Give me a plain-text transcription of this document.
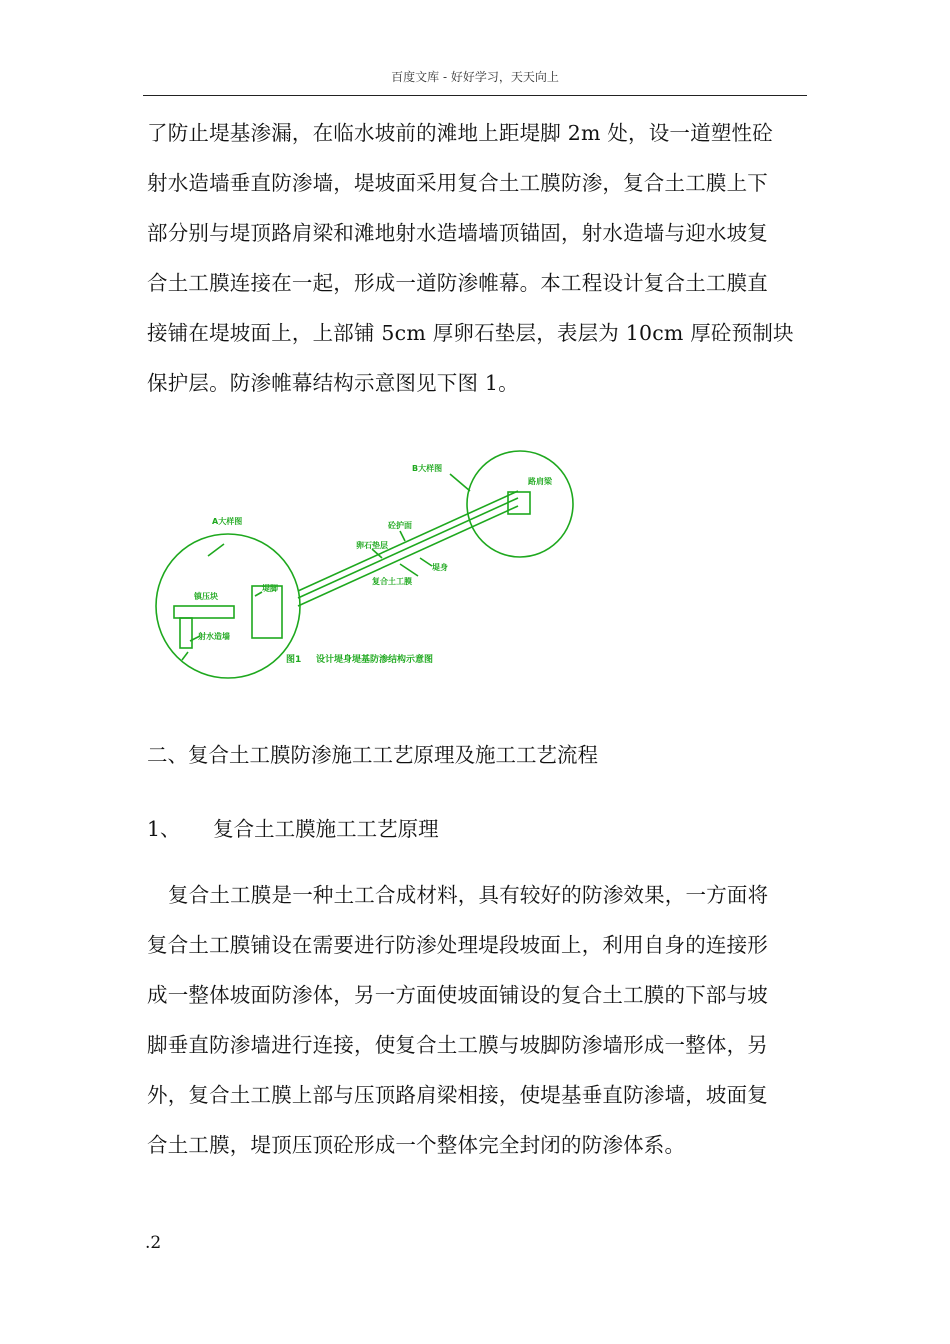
百度文库 - 好好学习，天天向上
了防止堤基渗漏，在临水坡前的滩地上距堤脚 2m 处，设一道塑性砼
射水造墙垂直防渗墙，堤坡面采用复合土工膜防渗，复合土工膜上下
部分别与堤顶路肩梁和滩地射水造墙墙顶锚固，射水造墙与迎水坡复
合土工膜连接在一起，形成一道防渗帷幕。本工程设计复合土工膜直
接铺在堤坡面上，上部铺 5cm 厚卵石垫层，表层为 10cm 厚砼预制块
保护层。防渗帷幕结构示意图见下图 1。
A大样图
B大样图
路肩梁
砼护面
卵石垫层
复合土工膜
堤身
镇压块
堤脚
射水造墙
图1 设计堤身堤基防渗结构示意图
二、复合土工膜防渗施工工艺原理及施工工艺流程
1、 复合土工膜施工工艺原理
复合土工膜是一种土工合成材料，具有较好的防渗效果，一方面将
复合土工膜铺设在需要进行防渗处理堤段坡面上，利用自身的连接形
成一整体坡面防渗体，另一方面使坡面铺设的复合土工膜的下部与坡
脚垂直防渗墙进行连接，使复合土工膜与坡脚防渗墙形成一整体，另
外，复合土工膜上部与压顶路肩梁相接，使堤基垂直防渗墙，坡面复
合土工膜，堤顶压顶砼形成一个整体完全封闭的防渗体系。
.2
